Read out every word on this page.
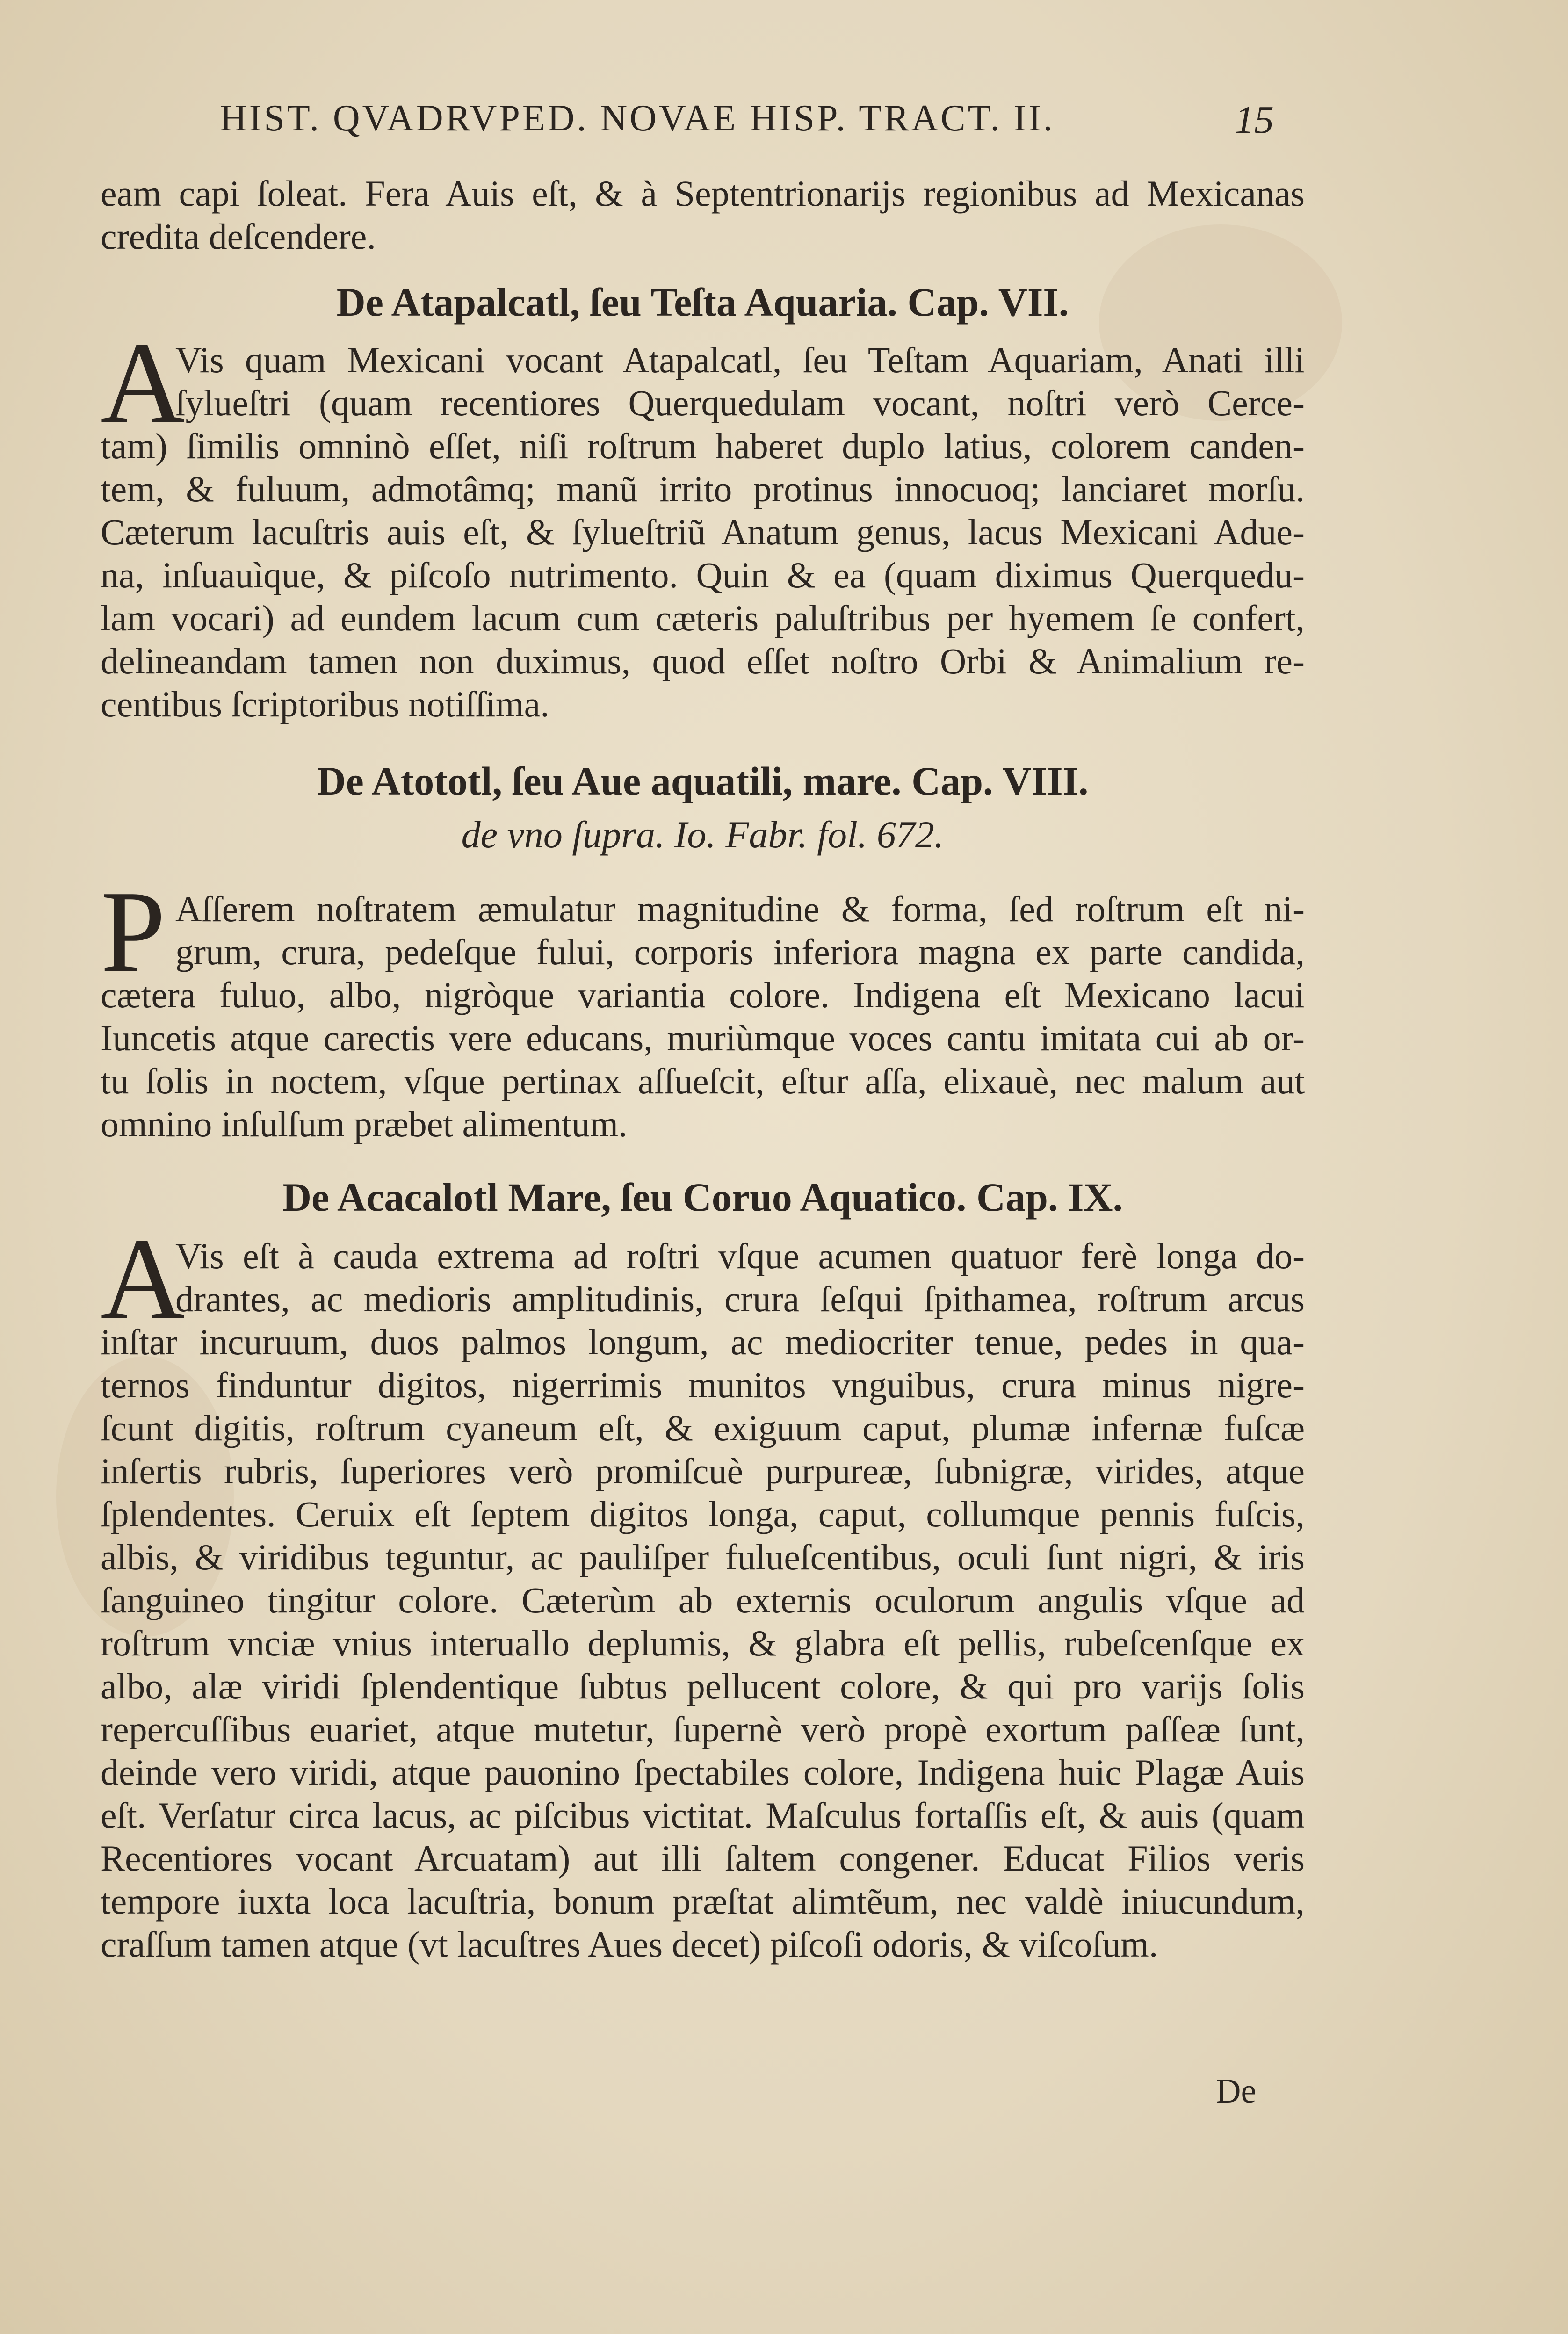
HIST. QVADRVPED. NOVAE HISP. TRACT. II.	15
eam capi ſoleat. Fera Auis eſt, & à Septentrionarijs regionibus ad Mexicanas
credita deſcendere.
De Atapalcatl, ſeu Teſta Aquaria. Cap. VII.
A
Vis quam Mexicani vocant Atapalcatl, ſeu Teſtam Aquariam, Anati illi
ſylueſtri (quam recentiores Querquedulam vocant, noſtri verò Cerce-
tam) ſimilis omninò eſſet, niſi roſtrum haberet duplo latius, colorem canden-
tem, & fuluum, admotâmq; manũ irrito protinus innocuoq; lanciaret morſu.
Cæterum lacuſtris auis eſt, & ſylueſtriũ Anatum genus, lacus Mexicani Adue-
na, inſuauìque, & piſcoſo nutrimento. Quin & ea (quam diximus Querquedu-
lam vocari) ad eundem lacum cum cæteris paluſtribus per hyemem ſe confert,
delineandam tamen non duximus, quod eſſet noſtro Orbi & Animalium re-
centibus ſcriptoribus notiſſima.
De Atototl, ſeu Aue aquatili, mare. Cap. VIII.
de vno ſupra. Io. Fabr. fol. 672.
P Aſſerem noſtratem æmulatur magnitudine & forma, ſed roſtrum eſt ni-
grum, crura, pedeſque fului, corporis inferiora magna ex parte candida,
cætera fuluo, albo, nigròque variantia colore. Indigena eſt Mexicano lacui
Iuncetis atque carectis vere educans, muriùmque voces cantu imitata cui ab or-
tu ſolis in noctem, vſque pertinax aſſueſcit, eſtur aſſa, elixauè, nec malum aut
omnino inſulſum præbet alimentum.
De Acacalotl Mare, ſeu Coruo Aquatico. Cap. IX.
A
Vis eſt à cauda extrema ad roſtri vſque acumen quatuor ferè longa do-
drantes, ac medioris amplitudinis, crura ſeſqui ſpithamea, roſtrum arcus
inſtar incuruum, duos palmos longum, ac mediocriter tenue, pedes in qua-
ternos finduntur digitos, nigerrimis munitos vnguibus, crura minus nigre-
ſcunt digitis, roſtrum cyaneum eſt, & exiguum caput, plumæ infernæ fuſcæ
inſertis rubris, ſuperiores verò promiſcuè purpureæ, ſubnigræ, virides, atque
ſplendentes. Ceruix eſt ſeptem digitos longa, caput, collumque pennis fuſcis,
albis, & viridibus teguntur, ac pauliſper fulueſcentibus, oculi ſunt nigri, & iris
ſanguineo tingitur colore. Cæterùm ab externis oculorum angulis vſque ad
roſtrum vnciæ vnius interuallo deplumis, & glabra eſt pellis, rubeſcenſque ex
albo, alæ viridi ſplendentique ſubtus pellucent colore, & qui pro varijs ſolis
repercuſſibus euariet, atque mutetur, ſupernè verò propè exortum paſſeæ ſunt,
deinde vero viridi, atque pauonino ſpectabiles colore, Indigena huic Plagæ Auis
eſt. Verſatur circa lacus, ac piſcibus victitat. Maſculus fortaſſis eſt, & auis (quam
Recentiores vocant Arcuatam) aut illi ſaltem congener. Educat Filios veris
tempore iuxta loca lacuſtria, bonum præſtat alimtẽum, nec valdè iniucundum,
craſſum tamen atque (vt lacuſtres Aues decet) piſcoſi odoris, & viſcoſum.
De
